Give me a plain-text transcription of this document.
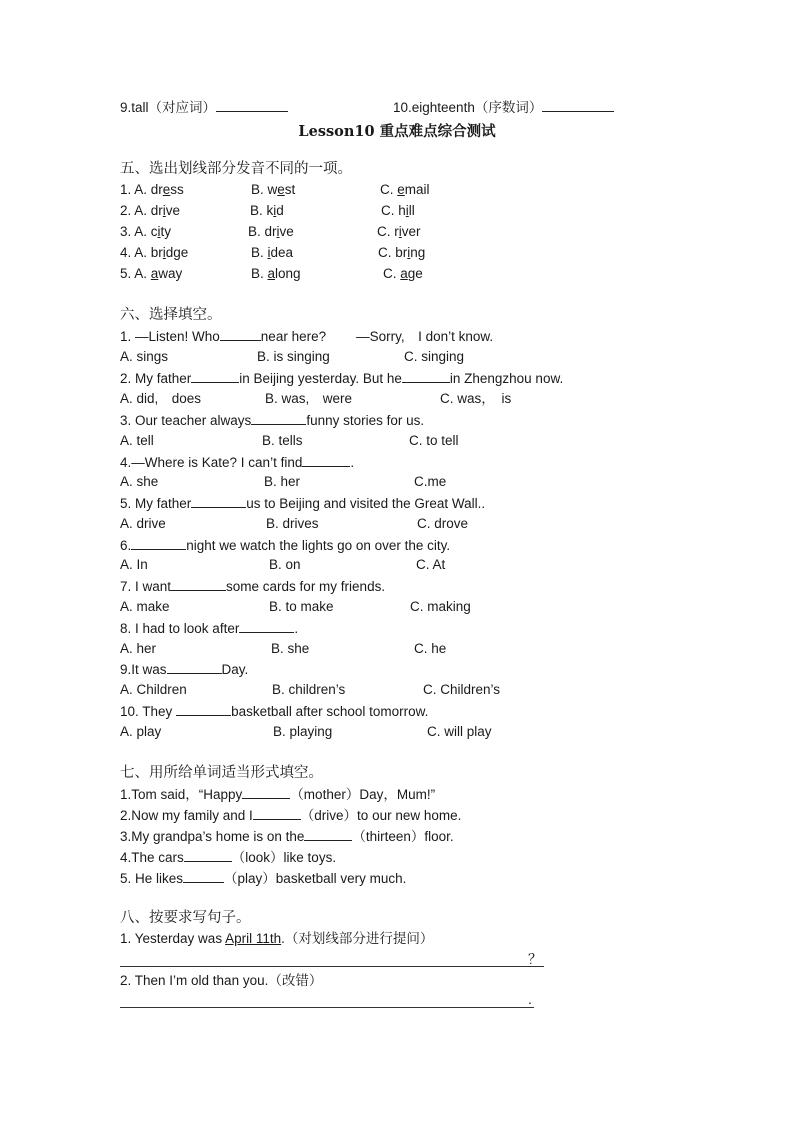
9.tall（对应词）	10.eighteenth（序数词）
Lesson10 重点难点综合测试
五、选出划线部分发音不同的一项。
1. A. dress	B. west	C. email
2. A. drive	B. kid	C. hill
3. A. city	B. drive	C. river
4. A. bridge	B. idea	C. bring
5. A. away	B. along	C. age
六、选择填空。
1. —Listen! Who	near here? —Sorry,　I don’t know.
A. sings	B. is singing	C. singing
2. My father	in Beijing yesterday. But he	in Zhengzhou now.
A. did,　does	B. was,　were	C. was，　is
3. Our teacher always	funny stories for us.
A. tell	B. tells	C. to tell
4.—Where is Kate? I can’t find	.
A. she	B. her	C.me
5. My father	us to Beijing and visited the Great Wall..
A. drive	B. drives	C. drove
6.	night we watch the lights go on over the city.
A. In	B. on	C. At
7. I want	some cards for my friends.
A. make	B. to make	C. making
8. I had to look after	.
A. her	B. she	C. he
9.It was	Day.
A. Children	B. children’s	C. Children’s
10. They	basketball after school tomorrow.
A. play	B. playing	C. will play
七、用所给单词适当形式填空。
1.Tom said，“Happy	（mother）Day，Mum!”
2.Now my family and I	（drive）to our new home.
3.My grandpa’s home is on the	（thirteen）floor.
4.The cars	（look）like toys.
5. He likes	（play）basketball very much.
八、按要求写句子。
1. Yesterday was April 11th.（对划线部分进行提问）
？
2. Then I’m old than you.（改错）
.
